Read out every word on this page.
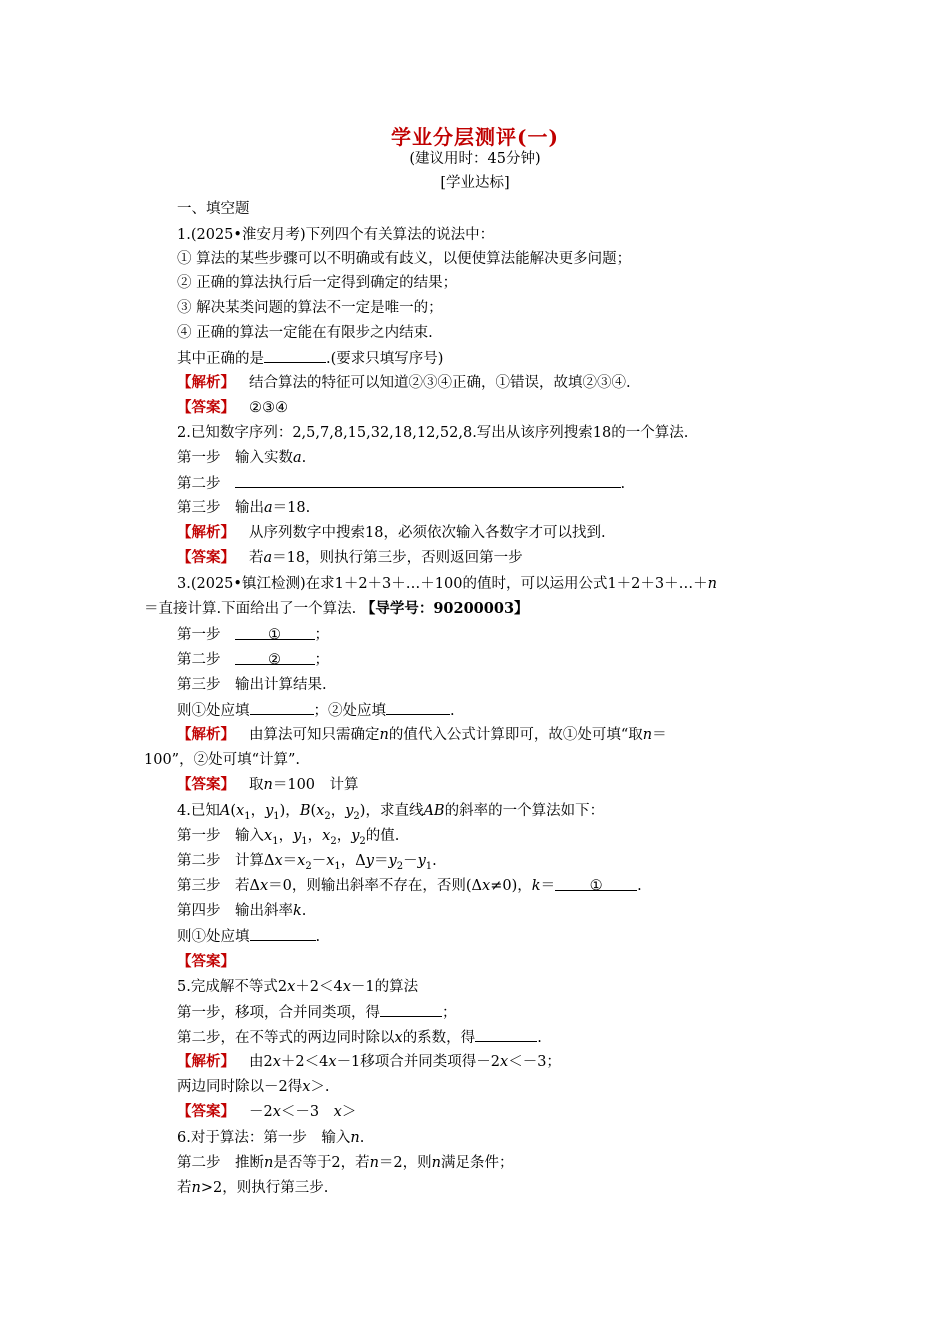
学业分层测评(一)
(建议用时：45分钟)
[学业达标]
一、填空题
1.(2025•淮安月考)下列四个有关算法的说法中：
① 算法的某些步骤可以不明确或有歧义，以便使算法能解决更多问题；
② 正确的算法执行后一定得到确定的结果；
③ 解决某类问题的算法不一定是唯一的；
④ 正确的算法一定能在有限步之内结束.
其中正确的是	.(要求只填写序号)
【解析】 结合算法的特征可以知道②③④正确，①错误，故填②③④.
【答案】 ②③④
2.已知数字序列：2,5,7,8,15,32,18,12,52,8.写出从该序列搜索18的一个算法.
第一步　输入实数a.
第二步	.
第三步　输出a＝18.
【解析】 从序列数字中搜索18，必须依次输入各数字才可以找到.
【答案】 若a＝18，则执行第三步，否则返回第一步
3.(2025•镇江检测)在求1＋2＋3＋…＋100的值时，可以运用公式1＋2＋3＋…＋n
＝直接计算.下面给出了一个算法. 【导学号：90200003】
第一步	① ；
第二步	② ；
第三步　输出计算结果.
则①处应填	；②处应填	.
【解析】 由算法可知只需确定n的值代入公式计算即可，故①处可填“取n＝
100”，②处可填“计算”.
【答案】 取n＝100　计算
4.已知$A(x_1$，$y_1$)，$B(x_2$，$y_2$)，求直线AB的斜率的一个算法如下：
第一步　输入$x_1$，$y_1$，$x_2$，$y_2$的值.
第二步　计算$\Delta x=x_2-x_1$，$\Delta y=y_2-y_1$.
第三步　若Δx＝0，则输出斜率不存在，否则(Δx≠0)，k＝ ① .
第四步　输出斜率k.
则①处应填	.
【答案】
5.完成解不等式2x＋2＜4x－1的算法
第一步，移项，合并同类项，得	；
第二步，在不等式的两边同时除以x的系数，得	.
【解析】 由2x＋2＜4x－1移项合并同类项得－2x＜－3；
两边同时除以－2得x＞.
【答案】 －2x＜－3　x＞
6.对于算法：第一步　输入n.
第二步　推断n是否等于2，若n＝2，则n满足条件；
若n>2，则执行第三步.
